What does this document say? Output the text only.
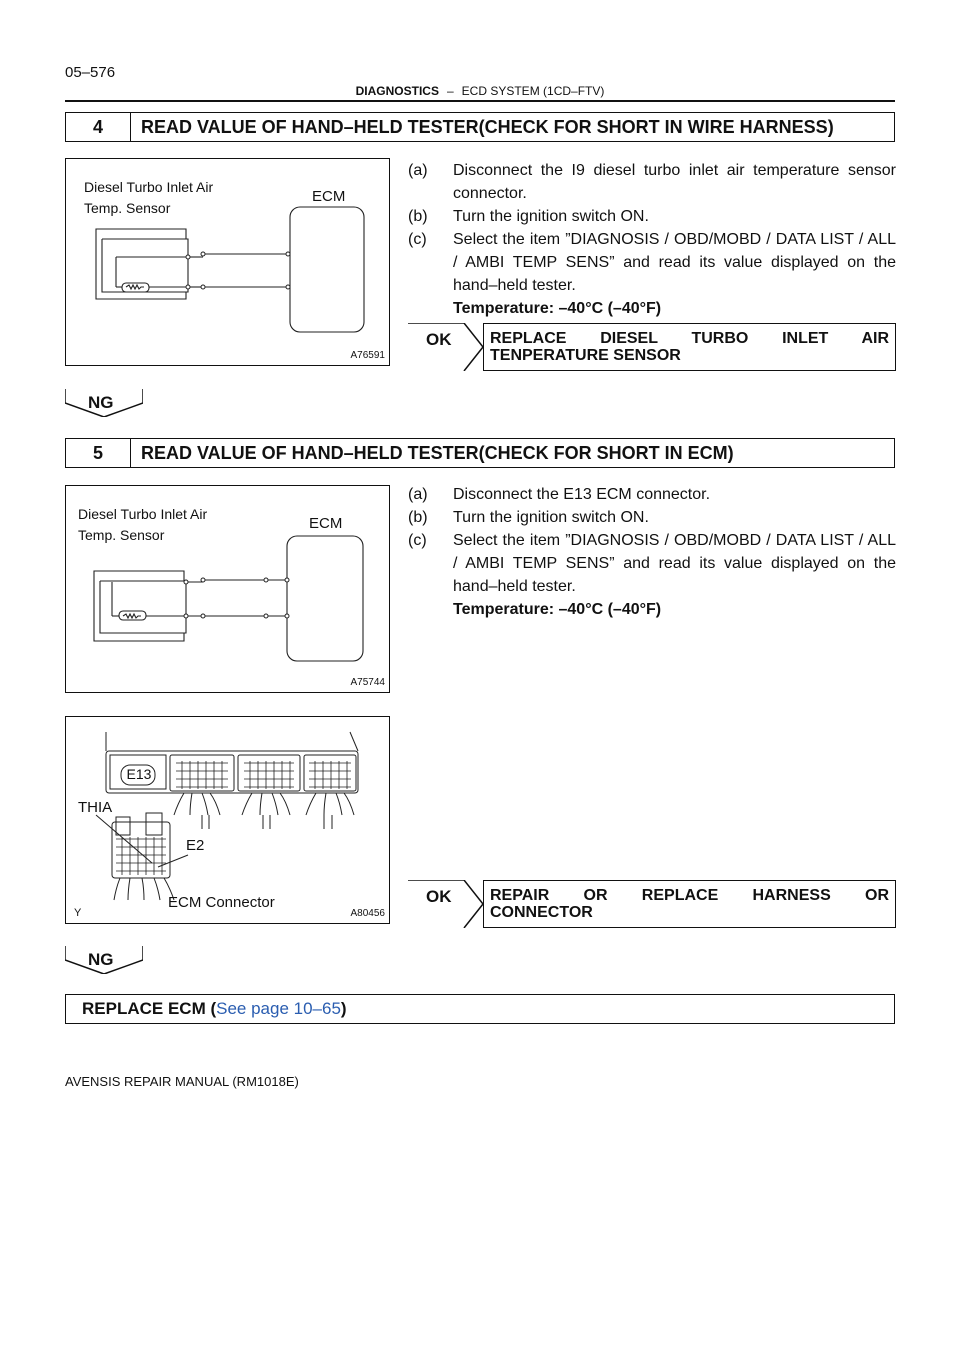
05–576
DIAGNOSTICS – ECD SYSTEM (1CD–FTV)
4	READ VALUE OF HAND–HELD TESTER(CHECK FOR SHORT IN WIRE HARNESS)
Diesel Turbo Inlet Air
Temp. Sensor
ECM
A76591
(a)	Disconnect the I9 diesel turbo inlet air temperature sensor connector.
(b)	Turn the ignition switch ON.
(c)	Select the item ”DIAGNOSIS / OBD/MOBD / DATA LIST / ALL / AMBI TEMP SENS” and read its value displayed on the hand–held tester.
Temperature: –40°C (–40°F)
OK REPLACE DIESEL TURBO INLET AIR
TENPERATURE SENSOR
NG
5	READ VALUE OF HAND–HELD TESTER(CHECK FOR SHORT IN ECM)
Diesel Turbo Inlet Air
Temp. Sensor
ECM
A75744
E13
THIA
E2
ECM Connector
Y	A80456
(a)	Disconnect the E13 ECM connector.
(b)	Turn the ignition switch ON.
(c)	Select the item ”DIAGNOSIS / OBD/MOBD / DATA LIST / ALL / AMBI TEMP SENS” and read its value displayed on the hand–held tester.
Temperature: –40°C (–40°F)
OK REPAIR OR REPLACE HARNESS OR
CONNECTOR
NG
REPLACE ECM (See page 10–65)
AVENSIS REPAIR MANUAL (RM1018E)
